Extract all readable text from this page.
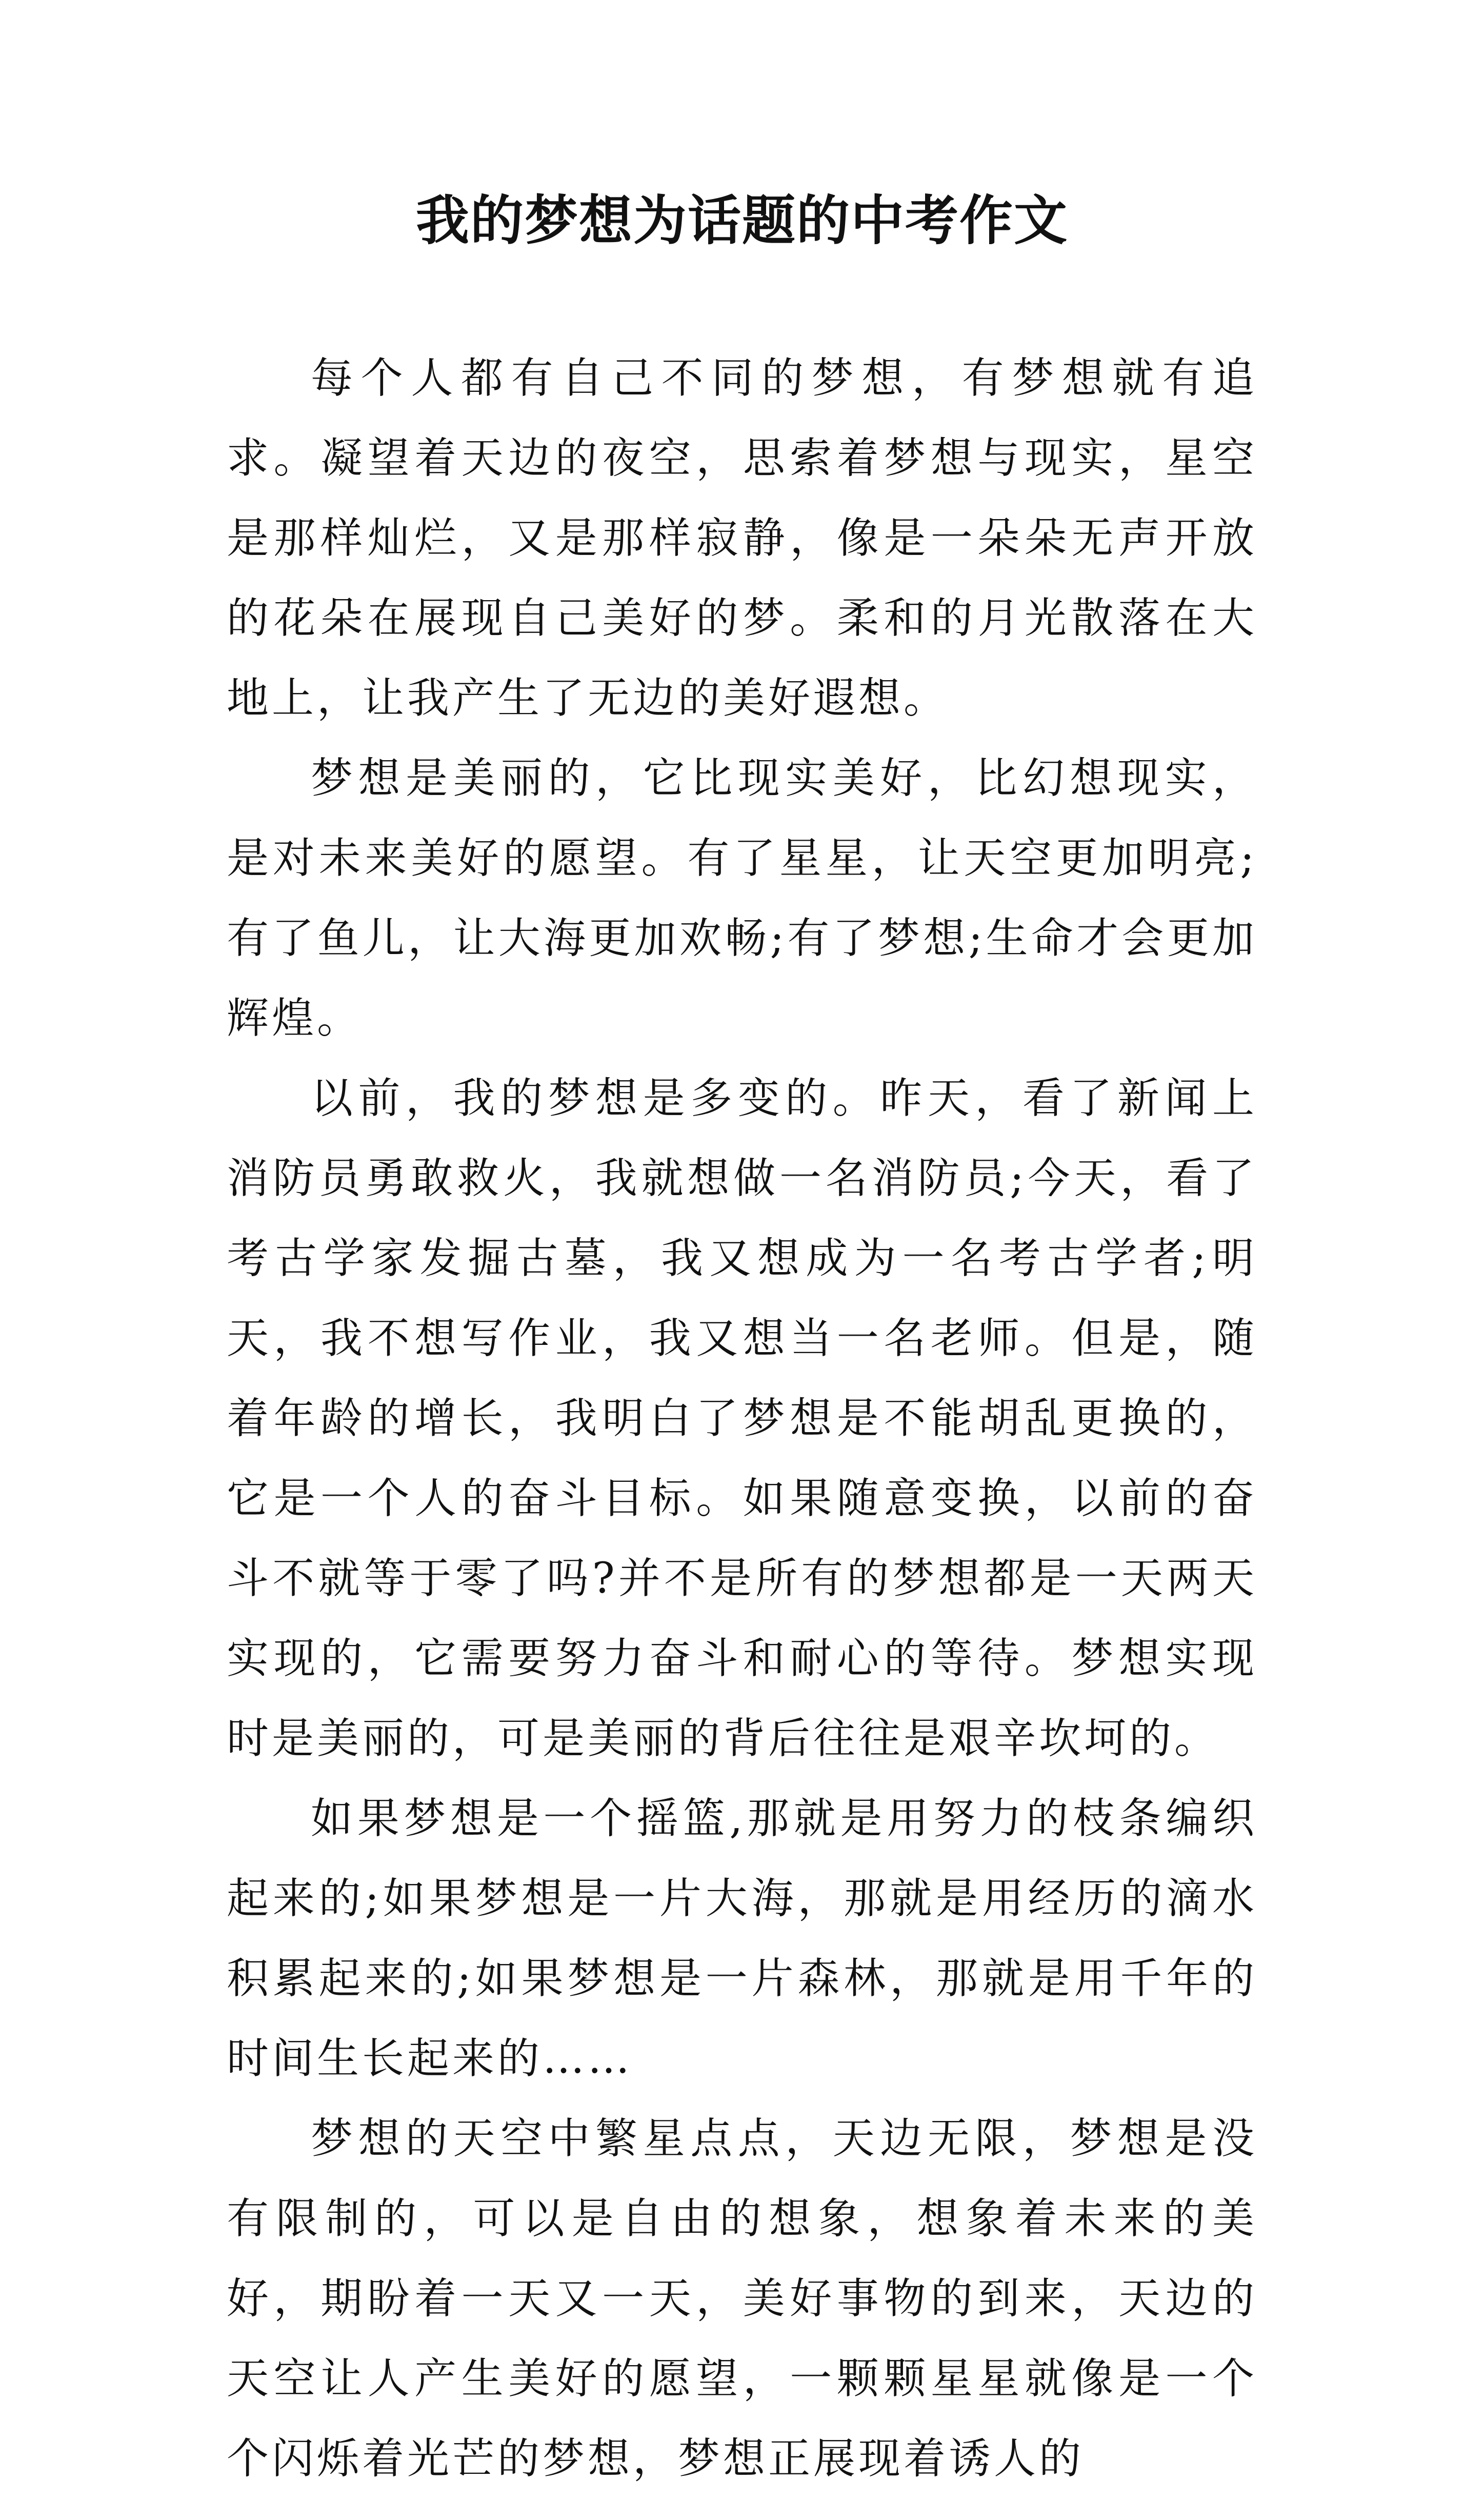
我的梦想为话题的中考作文

每个人都有自己不同的梦想，有梦想就有追求。凝望着天边的夜空，思索着梦想与现实，星空是那样灿烂，又是那样寂静，像是一朵朵无声开放的花朵在展现自己美好的梦。柔和的月光散落在大地上，让我产生了无边的美好遐想。

梦想是美丽的，它比现实美好，比幻想现实，是对未来美好的愿望。有了星星，让天空更加明亮;有了鱼儿，让大海更加欢畅;有了梦想;生命才会更加辉煌。

以前，我的梦想是多变的。昨天，看了新闻上消防员勇敢救火，我就想做一名消防员;今天，看了考古学家发掘古墓，我又想成为一名考古学者;明天，我不想写作业，我又想当一名老师。但是，随着年龄的增长，我明白了梦想是不能胡乱更换的，它是一个人的奋斗目标。如果随意变换，以前的奋斗不就等于零了吗?并不是所有的梦想都是一天两天实现的，它需要努力奋斗和耐心的等待。梦想实现时是美丽的，可是美丽的背后往往是艰辛坎坷的。

如果梦想是一个摇篮,那就是用努力的枝条编织起来的;如果梦想是一片大海，那就是用经历的滴水积累起来的;如果梦想是一片森林，那就是用千年的时间生长起来的……

梦想的天空中繁星点点，天边无限，梦想是没有限制的，可以是自由的想象，想象着未来的美好，期盼着一天又一天，美好事物的到来，天边的天空让人产生美好的愿望，一颗颗星星就像是一个个闪烁着光芒的梦想，梦想正展现着诱人的
